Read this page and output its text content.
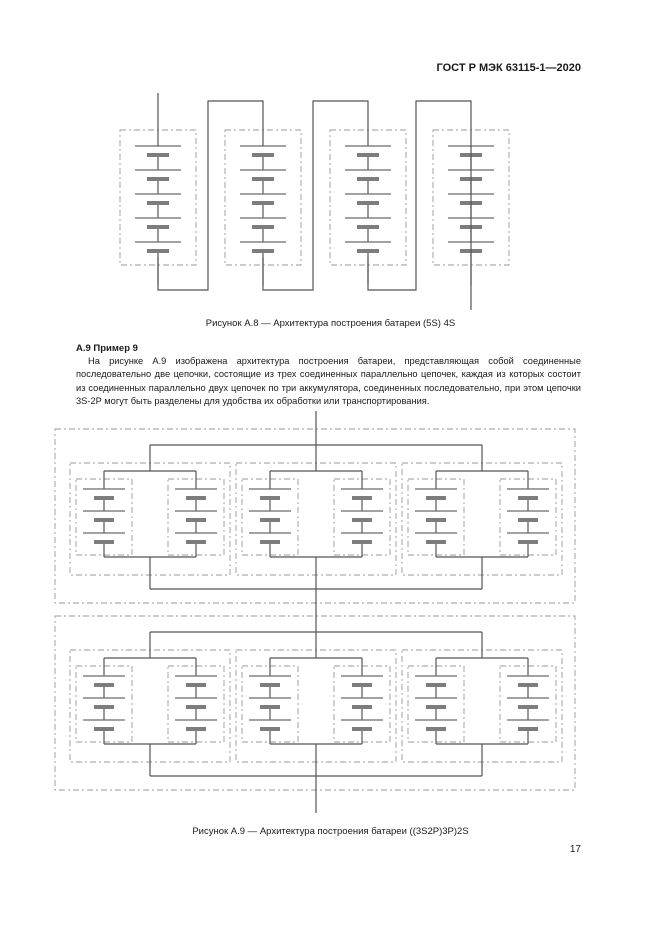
ГОСТ Р МЭК 63115-1—2020
Рисунок А.8 — Архитектура построения батареи (5S) 4S
А.9 Пример 9

На рисунке А.9 изображена архитектура построения батареи, представляющая собой соединенные последовательно две цепочки, состоящие из трех соединенных параллельно цепочек, каждая из которых состоит из соединенных параллельно двух цепочек по три аккумулятора, соединенных последовательно, при этом цепочки 3S-2P могут быть разделены для удобства их обработки или транспортирования.

Рисунок А.9 — Архитектура построения батареи ((3S2P)3P)2S
17
